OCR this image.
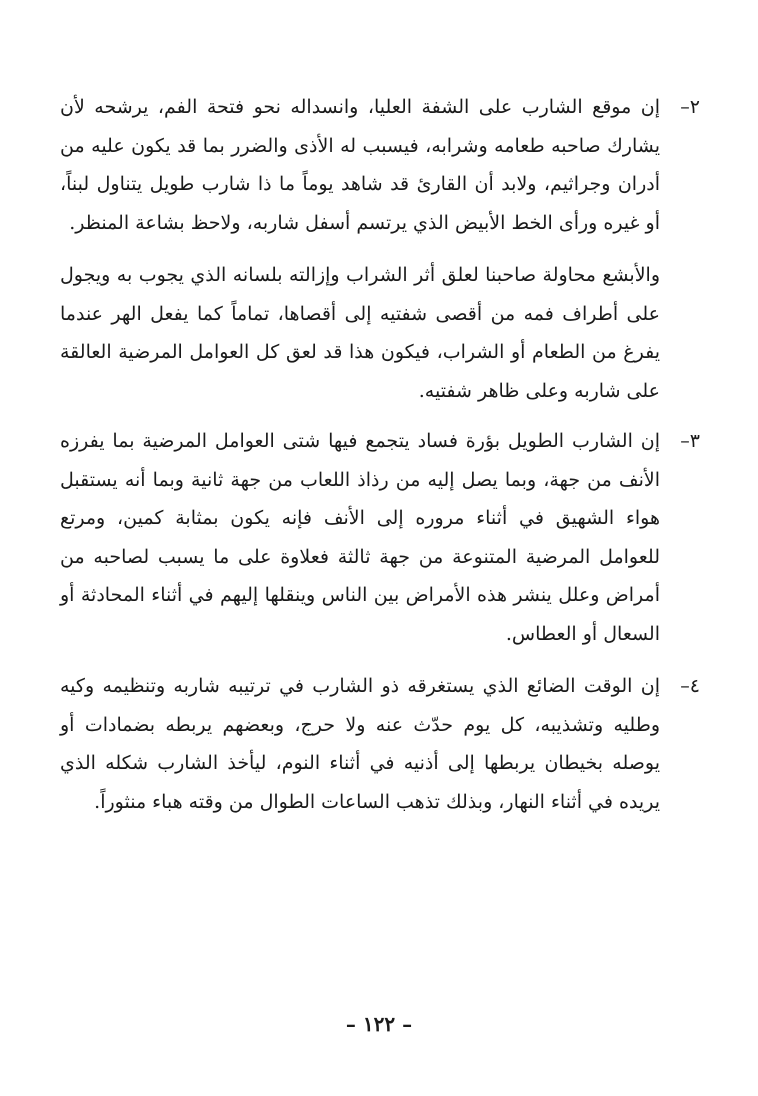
٢–
إن موقع الشارب على الشفة العليا، وانسداله نحو فتحة الفم، يرشحه لأن يشارك صاحبه طعامه وشرابه، فيسبب له الأذى والضرر بما قد يكون عليه من أدران وجراثيم، ولابد أن القارئ قد شاهد يوماً ما ذا شارب طويل يتناول لبناً، أو غيره ورأى الخط الأبيض الذي يرتسم أسفل شاربه، ولاحظ بشاعة المنظر.
والأبشع محاولة صاحبنا لعلق أثر الشراب وإزالته بلسانه الذي يجوب به ويجول على أطراف فمه من أقصى شفتيه إلى أقصاها، تماماً كما يفعل الهر عندما يفرغ من الطعام أو الشراب، فيكون هذا قد لعق كل العوامل المرضية العالقة على شاربه وعلى ظاهر شفتيه.
٣–
إن الشارب الطويل بؤرة فساد يتجمع فيها شتى العوامل المرضية بما يفرزه الأنف من جهة، وبما يصل إليه من رذاذ اللعاب من جهة ثانية وبما أنه يستقبل هواء الشهيق في أثناء مروره إلى الأنف فإنه يكون بمثابة كمين، ومرتع للعوامل المرضية المتنوعة من جهة ثالثة فعلاوة على ما يسبب لصاحبه من أمراض وعلل ينشر هذه الأمراض بين الناس وينقلها إليهم في أثناء المحادثة أو السعال أو العطاس.
٤–
إن الوقت الضائع الذي يستغرقه ذو الشارب في ترتيبه شاربه وتنظيمه وكيه وطليه وتشذيبه، كل يوم حدّث عنه ولا حرج، وبعضهم يربطه بضمادات أو يوصله بخيطان يربطها إلى أذنيه في أثناء النوم، ليأخذ الشارب شكله الذي يريده في أثناء النهار، وبذلك تذهب الساعات الطوال من وقته هباء منثوراً.
– ١٢٢ –
